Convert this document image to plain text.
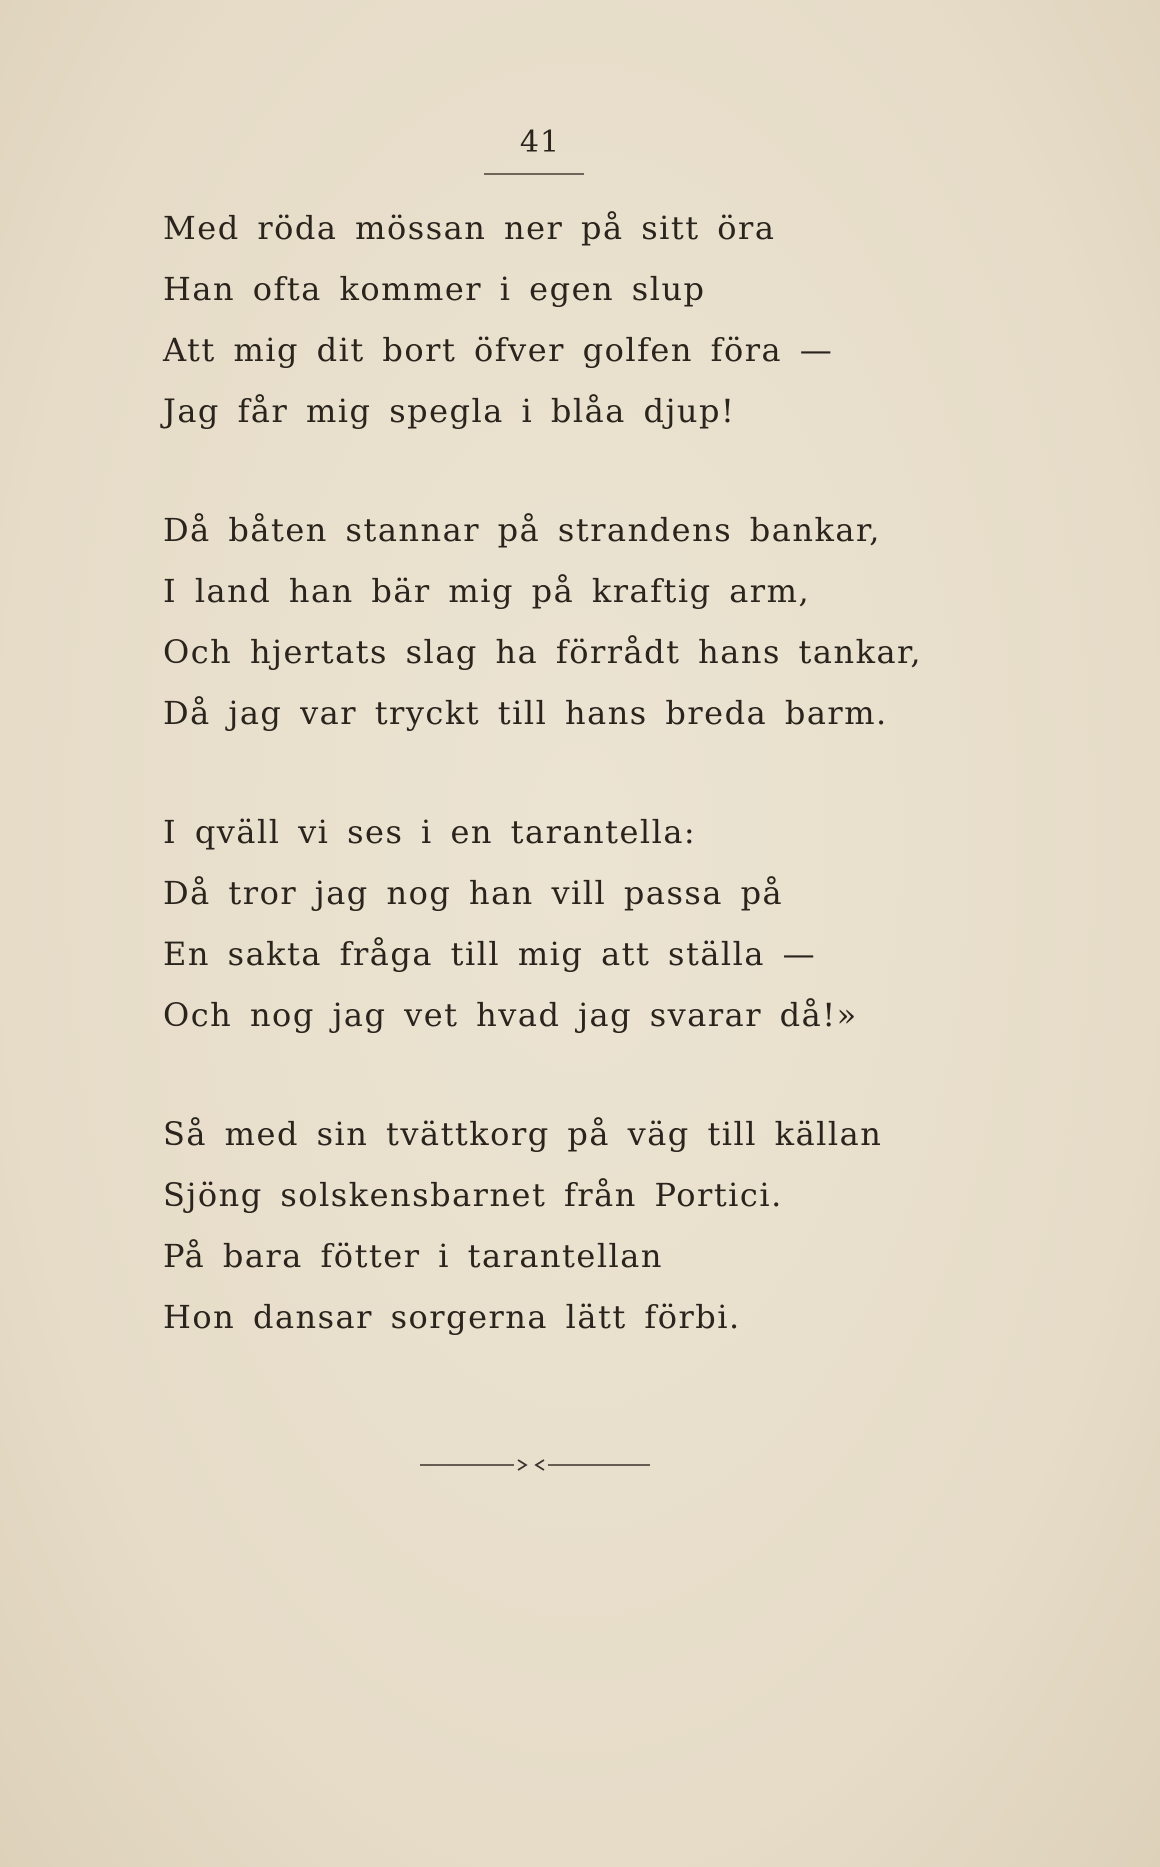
41
Med röda mössan ner på sitt öra
Han ofta kommer i egen slup
Att mig dit bort öfver golfen föra —
Jag får mig spegla i blåa djup!
Då båten stannar på strandens bankar,
I land han bär mig på kraftig arm,
Och hjertats slag ha förrådt hans tankar,
Då jag var tryckt till hans breda barm.
I qväll vi ses i en tarantella:
Då tror jag nog han vill passa på
En sakta fråga till mig att ställa —
Och nog jag vet hvad jag svarar då!»
Så med sin tvättkorg på väg till källan
Sjöng solskensbarnet från Portici.
På bara fötter i tarantellan
Hon dansar sorgerna lätt förbi.
